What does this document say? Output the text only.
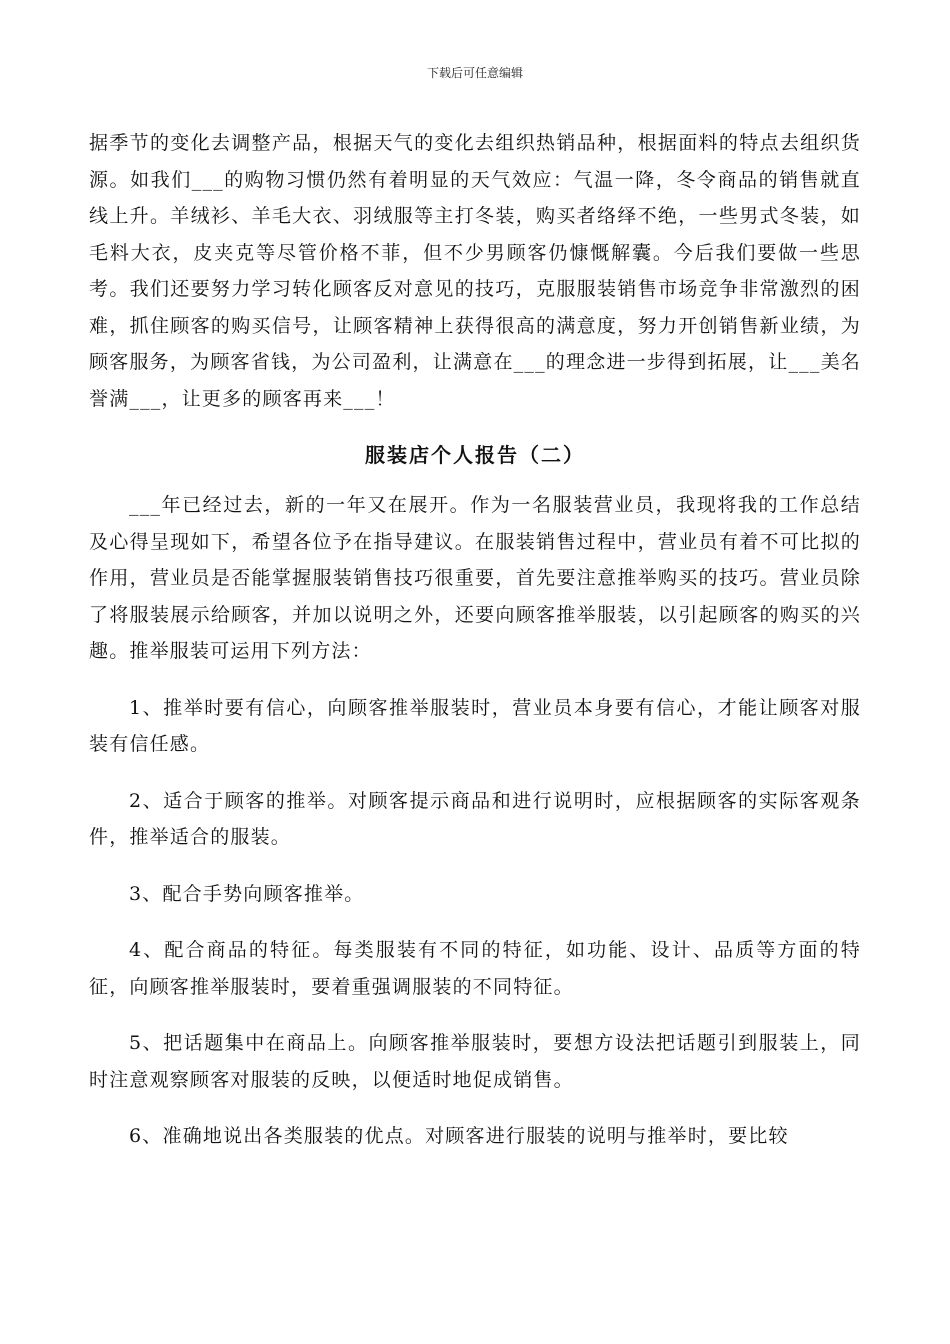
下载后可任意编辑

据季节的变化去调整产品，根据天气的变化去组织热销品种，根据面料的特点去组织货源。如我们___的购物习惯仍然有着明显的天气效应：气温一降，冬令商品的销售就直线上升。羊绒衫、羊毛大衣、羽绒服等主打冬装，购买者络绎不绝，一些男式冬装，如毛料大衣，皮夹克等尽管价格不菲，但不少男顾客仍慷慨解囊。今后我们要做一些思考。我们还要努力学习转化顾客反对意见的技巧，克服服装销售市场竞争非常激烈的困难，抓住顾客的购买信号，让顾客精神上获得很高的满意度，努力开创销售新业绩，为顾客服务，为顾客省钱，为公司盈利，让满意在___的理念进一步得到拓展，让___美名誉满___，让更多的顾客再来___！

服装店个人报告（二）

___年已经过去，新的一年又在展开。作为一名服装营业员，我现将我的工作总结及心得呈现如下，希望各位予在指导建议。在服装销售过程中，营业员有着不可比拟的作用，营业员是否能掌握服装销售技巧很重要，首先要注意推举购买的技巧。营业员除了将服装展示给顾客，并加以说明之外，还要向顾客推举服装，以引起顾客的购买的兴趣。推举服装可运用下列方法：

1、推举时要有信心，向顾客推举服装时，营业员本身要有信心，才能让顾客对服装有信任感。

2、适合于顾客的推举。对顾客提示商品和进行说明时，应根据顾客的实际客观条件，推举适合的服装。

3、配合手势向顾客推举。

4、配合商品的特征。每类服装有不同的特征，如功能、设计、品质等方面的特征，向顾客推举服装时，要着重强调服装的不同特征。

5、把话题集中在商品上。向顾客推举服装时，要想方设法把话题引到服装上，同时注意观察顾客对服装的反映，以便适时地促成销售。

6、准确地说出各类服装的优点。对顾客进行服装的说明与推举时，要比较
